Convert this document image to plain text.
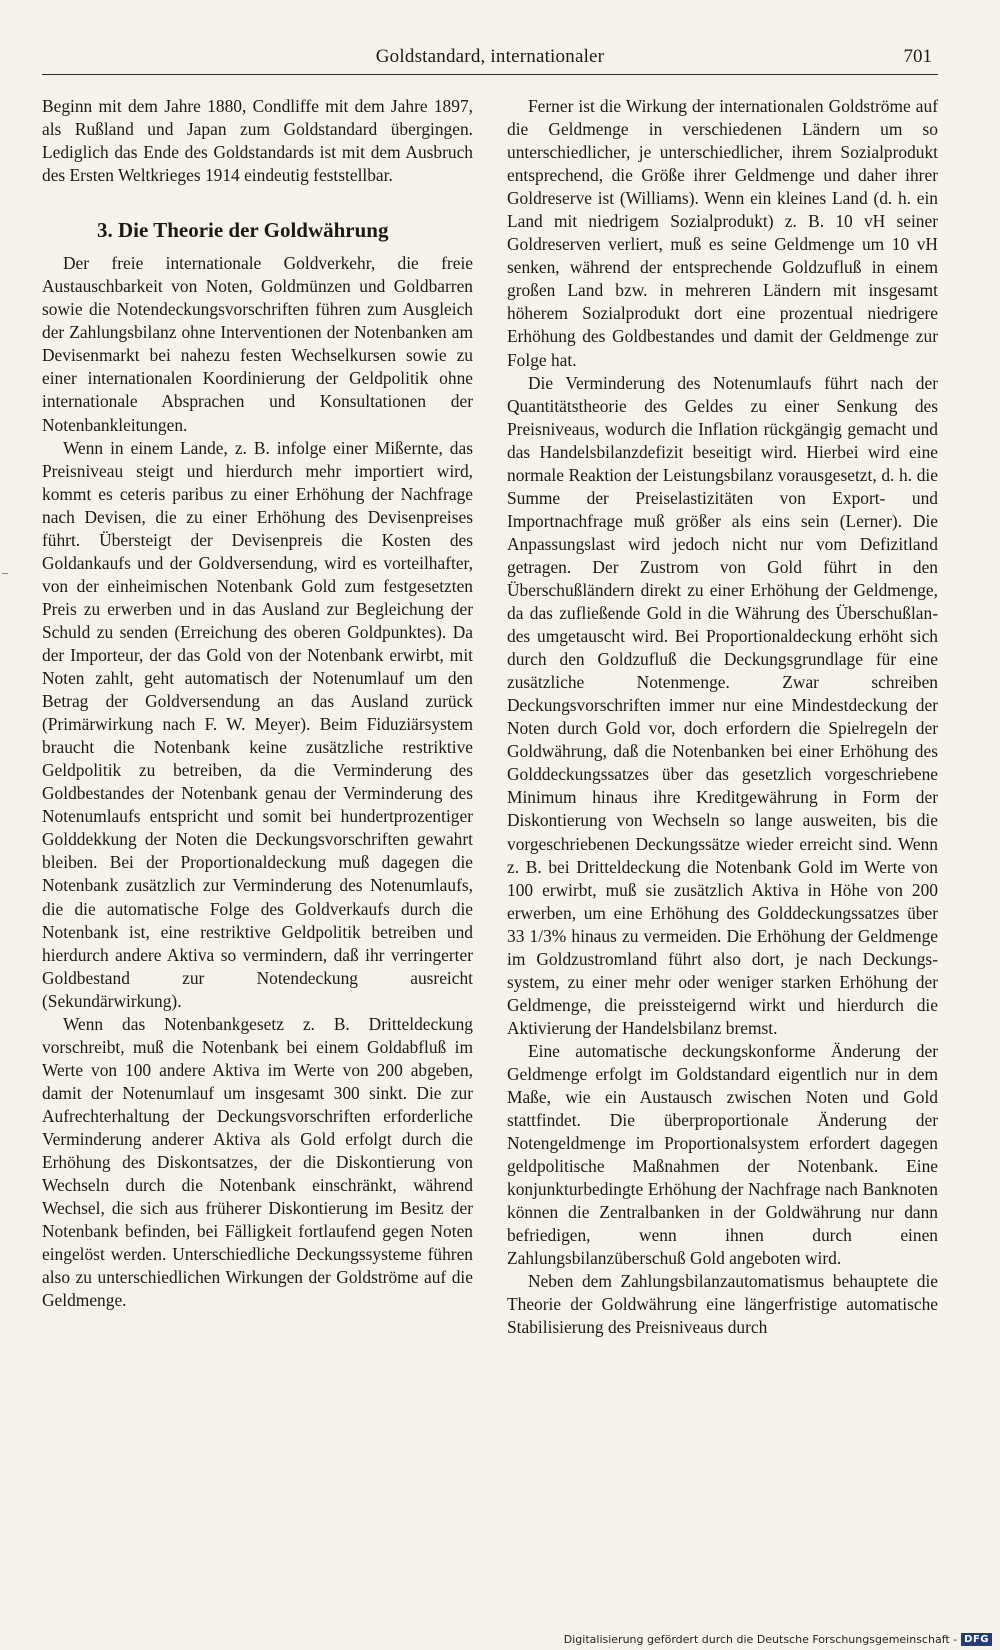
Goldstandard, internationaler	701

Beginn mit dem Jahre 1880, Condliffe mit dem Jahre 1897, als Rußland und Japan zum Goldstandard übergingen. Lediglich das Ende des Goldstandards ist mit dem Ausbruch des Ersten Weltkrieges 1914 eindeutig feststellbar.

3. Die Theorie der Goldwährung

Der freie internationale Goldverkehr, die freie Austauschbarkeit von Noten, Goldmünzen und Goldbarren sowie die Notendeckungsvorschriften führen zum Ausgleich der Zahlungsbilanz ohne Interventionen der Notenbanken am Devisenmarkt bei nahezu festen Wechselkursen sowie zu einer internationalen Koordinierung der Geldpolitik ohne internationale Absprachen und Konsultationen der Notenbankleitungen.

Wenn in einem Lande, z. B. infolge einer Mißernte, das Preisniveau steigt und hierdurch mehr importiert wird, kommt es ceteris paribus zu einer Erhöhung der Nachfrage nach Devisen, die zu einer Erhöhung des Devisenpreises führt. Übersteigt der Devisenpreis die Kosten des Goldankaufs und der Goldversendung, wird es vorteilhafter, von der einheimischen Notenbank Gold zum festgesetzten Preis zu erwerben und in das Ausland zur Begleichung der Schuld zu senden (Erreichung des oberen Goldpunktes). Da der Importeur, der das Gold von der Notenbank erwirbt, mit Noten zahlt, geht automatisch der Notenumlauf um den Betrag der Goldversendung an das Ausland zurück (Primärwirkung nach F. W. Meyer). Beim Fiduziärsystem braucht die Notenbank keine zusätzliche restriktive Geldpolitik zu betreiben, da die Verminderung des Goldbestandes der Notenbank genau der Verminderung des Notenumlaufs entspricht und somit bei hundertprozentiger Golddekkung der Noten die Deckungsvorschriften gewahrt bleiben. Bei der Proportionaldeckung muß dagegen die Notenbank zusätzlich zur Verminderung des Notenumlaufs, die die automatische Folge des Goldverkaufs durch die Notenbank ist, eine restriktive Geldpolitik betreiben und hierdurch andere Aktiva so vermindern, daß ihr verringerter Goldbestand zur Notendeckung ausreicht (Sekundärwirkung).

Wenn das Notenbankgesetz z. B. Dritteldeckung vorschreibt, muß die Notenbank bei einem Goldabfluß im Werte von 100 andere Aktiva im Werte von 200 abgeben, damit der Notenumlauf um insgesamt 300 sinkt. Die zur Aufrechterhaltung der Deckungsvorschriften erforderliche Verminderung anderer Aktiva als Gold erfolgt durch die Erhöhung des Diskontsatzes, der die Diskontierung von Wechseln durch die Notenbank einschränkt, während Wechsel, die sich aus früherer Diskontierung im Besitz der Notenbank befinden, bei Fälligkeit fortlaufend gegen Noten eingelöst werden. Unterschiedliche Deckungssysteme führen also zu unterschiedlichen Wirkungen der Goldströme auf die Geldmenge.

Ferner ist die Wirkung der internationalen Goldströme auf die Geldmenge in verschiedenen Ländern um so unterschiedlicher, je unterschiedlicher, ihrem Sozialprodukt entsprechend, die Größe ihrer Geldmenge und daher ihrer Goldreserve ist (Williams). Wenn ein kleines Land (d. h. ein Land mit niedrigem Sozialprodukt) z. B. 10 vH seiner Goldreserven verliert, muß es seine Geldmenge um 10 vH senken, während der entsprechende Goldzufluß in einem großen Land bzw. in mehreren Ländern mit insgesamt höherem Sozialprodukt dort eine prozentual niedrigere Erhöhung des Goldbestandes und damit der Geldmenge zur Folge hat.

Die Verminderung des Notenumlaufs führt nach der Quantitätstheorie des Geldes zu einer Senkung des Preisniveaus, wodurch die Inflation rückgängig gemacht und das Handelsbilanzdefizit beseitigt wird. Hierbei wird eine normale Reaktion der Leistungsbilanz vorausgesetzt, d. h. die Summe der Preiselastizitäten von Export- und Importnachfrage muß größer als eins sein (Lerner). Die Anpassungslast wird jedoch nicht nur vom Defizitland getragen. Der Zustrom von Gold führt in den Überschußländern direkt zu einer Erhöhung der Geldmenge, da das zufließende Gold in die Währung des Überschußlandes umgetauscht wird. Bei Proportionaldeckung erhöht sich durch den Goldzufluß die Deckungsgrundlage für eine zusätzliche Notenmenge. Zwar schreiben Deckungsvorschriften immer nur eine Mindestdeckung der Noten durch Gold vor, doch erfordern die Spielregeln der Goldwährung, daß die Notenbanken bei einer Erhöhung des Golddeckungssatzes über das gesetzlich vorgeschriebene Minimum hinaus ihre Kreditgewährung in Form der Diskontierung von Wechseln so lange ausweiten, bis die vorgeschriebenen Deckungssätze wieder erreicht sind. Wenn z. B. bei Dritteldeckung die Notenbank Gold im Werte von 100 erwirbt, muß sie zusätzlich Aktiva in Höhe von 200 erwerben, um eine Erhöhung des Golddeckungssatzes über 33 1/3% hinaus zu vermeiden. Die Erhöhung der Geldmenge im Goldzustromland führt also dort, je nach Deckungssystem, zu einer mehr oder weniger starken Erhöhung der Geldmenge, die preissteigernd wirkt und hierdurch die Aktivierung der Handelsbilanz bremst.

Eine automatische deckungskonforme Änderung der Geldmenge erfolgt im Goldstandard eigentlich nur in dem Maße, wie ein Austausch zwischen Noten und Gold stattfindet. Die überproportionale Änderung der Notengeldmenge im Proportionalsystem erfordert dagegen geldpolitische Maßnahmen der Notenbank. Eine konjunkturbedingte Erhöhung der Nachfrage nach Banknoten können die Zentralbanken in der Goldwährung nur dann befriedigen, wenn ihnen durch einen Zahlungsbilanzüberschuß Gold angeboten wird.

Neben dem Zahlungsbilanzautomatismus behauptete die Theorie der Goldwährung eine längerfristige automatische Stabilisierung des Preisniveaus durch

Digitalisierung gefördert durch die Deutsche Forschungsgemeinschaft - DFG
